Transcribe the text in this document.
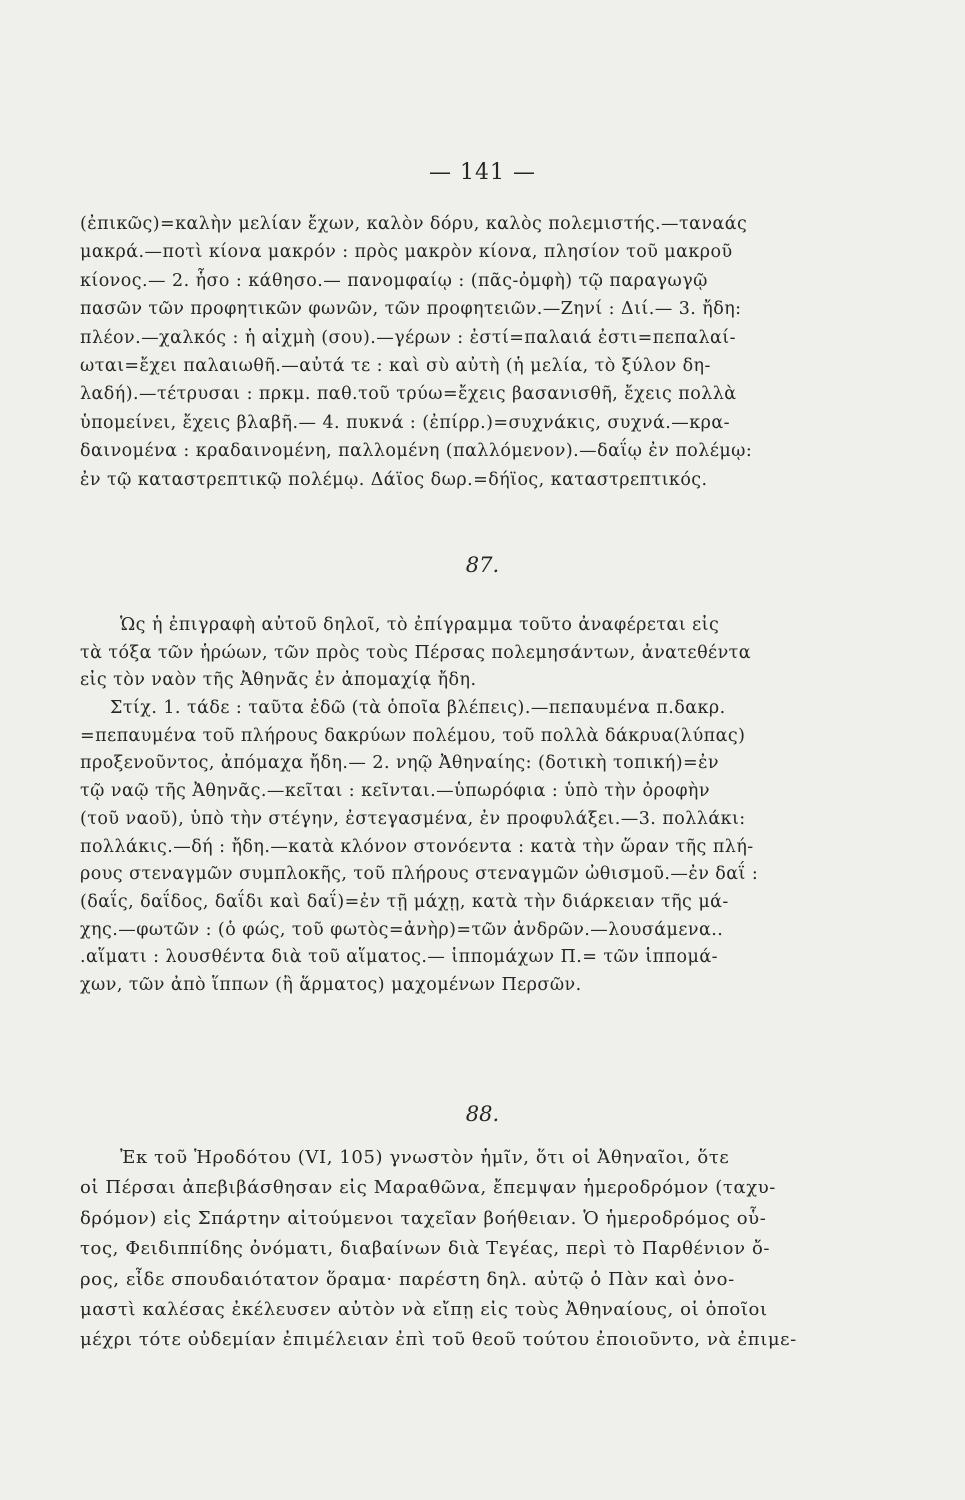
— 141 —
(ἐπικῶς)=καλὴν μελίαν ἔχων, καλὸν δόρυ, καλὸς πολεμιστής.—ταναάς
μακρά.—ποτὶ κίονα μακρόν : πρὸς μακρὸν κίονα, πλησίον τοῦ μακροῦ
κίονος.— 2. ἧσο : κάθησο.— πανομφαίῳ : (πᾶς-ὀμφὴ) τῷ παραγωγῷ
πασῶν τῶν προφητικῶν φωνῶν, τῶν προφητειῶν.—Ζηνί : Διί.— 3. ἤδη:
πλέον.—χαλκός : ἡ αἰχμὴ (σου).—γέρων : ἐστί=παλαιά ἐστι=πεπαλαί-
ωται=ἔχει παλαιωθῆ.—αὐτά τε : καὶ σὺ αὐτὴ (ἡ μελία, τὸ ξύλον δη-
λαδή).—τέτρυσαι : πρκμ. παθ.τοῦ τρύω=ἔχεις βασανισθῆ, ἔχεις πολλὰ
ὑπομείνει, ἔχεις βλαβῆ.— 4. πυκνά : (ἐπίρρ.)=συχνάκις, συχνά.—κρα-
δαινομένα : κραδαινομένη, παλλομένη (παλλόμενον).—δαΐῳ ἐν πολέμῳ:
ἐν τῷ καταστρεπτικῷ πολέμῳ. Δάϊος δωρ.=δήϊος, καταστρεπτικός.
87.
Ὡς ἡ ἐπιγραφὴ αὐτοῦ δηλοῖ, τὸ ἐπίγραμμα τοῦτο ἀναφέρεται εἰς
τὰ τόξα τῶν ἡρώων, τῶν πρὸς τοὺς Πέρσας πολεμησάντων, ἀνατεθέντα
εἰς τὸν ναὸν τῆς Ἀθηνᾶς ἐν ἀπομαχίᾳ ἤδη.
Στίχ. 1. τάδε : ταῦτα ἐδῶ (τὰ ὁποῖα βλέπεις).—πεπαυμένα π.δακρ.
=πεπαυμένα τοῦ πλήρους δακρύων πολέμου, τοῦ πολλὰ δάκρυα(λύπας)
προξενοῦντος, ἀπόμαχα ἤδη.— 2. νηῷ Ἀθηναίης: (δοτικὴ τοπική)=ἐν
τῷ ναῷ τῆς Ἀθηνᾶς.—κεῖται : κεῖνται.—ὑπωρόφια : ὑπὸ τὴν ὀροφὴν
(τοῦ ναοῦ), ὑπὸ τὴν στέγην, ἐστεγασμένα, ἐν προφυλάξει.—3. πολλάκι:
πολλάκις.—δή : ἤδη.—κατὰ κλόνον στονόεντα : κατὰ τὴν ὥραν τῆς πλή-
ρους στεναγμῶν συμπλοκῆς, τοῦ πλήρους στεναγμῶν ὠθισμοῦ.—ἐν δαΐ :
(δαΐς, δαΐδος, δαΐδι καὶ δαΐ)=ἐν τῇ μάχῃ, κατὰ τὴν διάρκειαν τῆς μά-
χης.—φωτῶν : (ὁ φώς, τοῦ φωτὸς=ἀνὴρ)=τῶν ἀνδρῶν.—λουσάμενα..
.αἵματι : λουσθέντα διὰ τοῦ αἵματος.— ἱππομάχων Π.= τῶν ἱππομά-
χων, τῶν ἀπὸ ἵππων (ἢ ἅρματος) μαχομένων Περσῶν.
88.
Ἐκ τοῦ Ἡροδότου (VI, 105) γνωστὸν ἡμῖν, ὅτι οἱ Ἀθηναῖοι, ὅτε
οἱ Πέρσαι ἀπεβιβάσθησαν εἰς Μαραθῶνα, ἔπεμψαν ἡμεροδρόμον (ταχυ-
δρόμον) εἰς Σπάρτην αἰτούμενοι ταχεῖαν βοήθειαν. Ὁ ἡμεροδρόμος οὗ-
τος, Φειδιππίδης ὀνόματι, διαβαίνων διὰ Τεγέας, περὶ τὸ Παρθένιον ὄ-
ρος, εἶδε σπουδαιότατον ὅραμα· παρέστη δηλ. αὐτῷ ὁ Πὰν καὶ ὀνο-
μαστὶ καλέσας ἐκέλευσεν αὐτὸν νὰ εἴπῃ εἰς τοὺς Ἀθηναίους, οἱ ὁποῖοι
μέχρι τότε οὐδεμίαν ἐπιμέλειαν ἐπὶ τοῦ θεοῦ τούτου ἐποιοῦντο, νὰ ἐπιμε-
